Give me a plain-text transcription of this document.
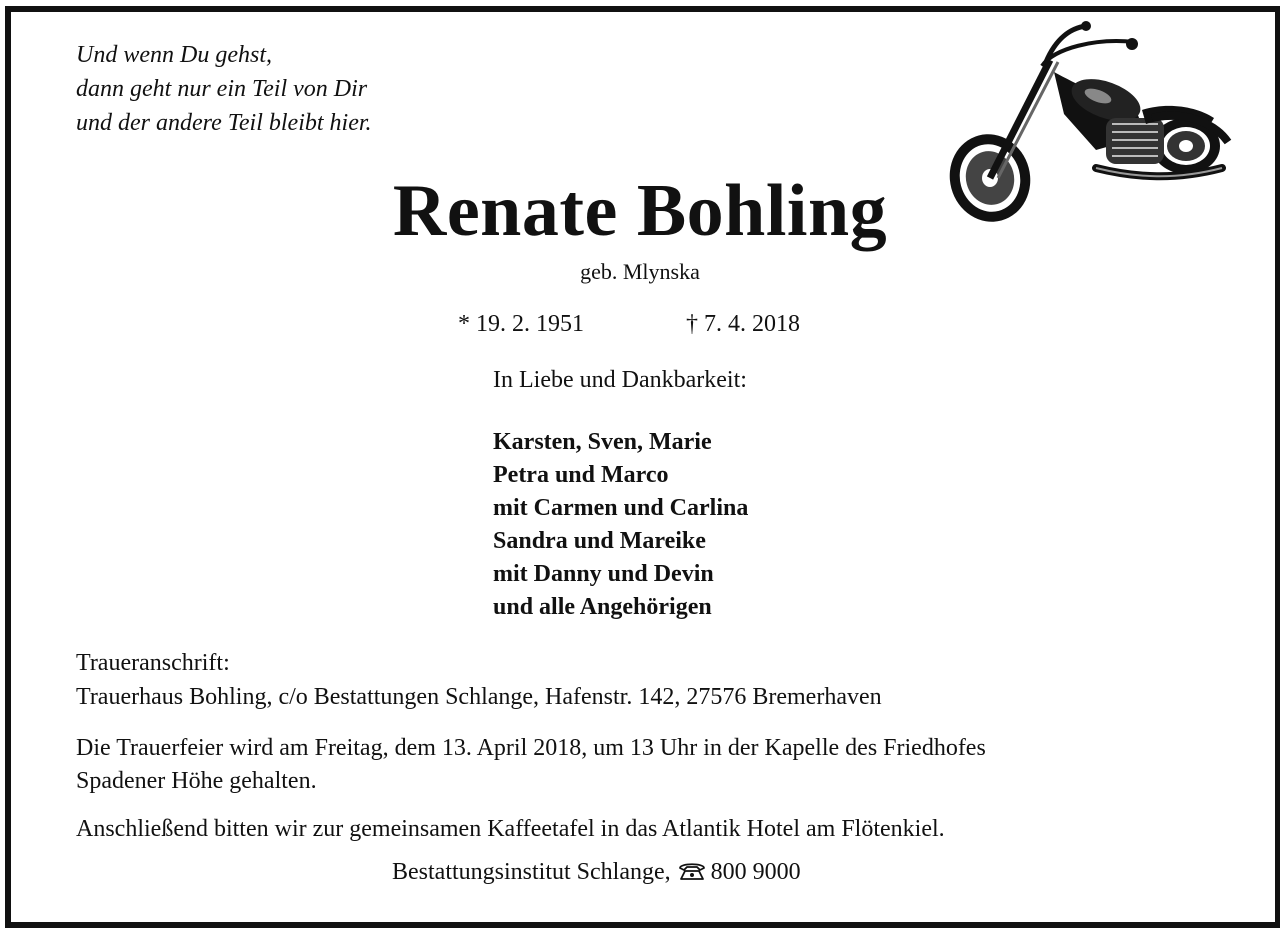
Und wenn Du gehst,
dann geht nur ein Teil von Dir
und der andere Teil bleibt hier.
Renate Bohling
geb. Mlynska
* 19. 2. 1951	† 7. 4. 2018
In Liebe und Dankbarkeit:
Karsten, Sven, Marie
Petra und Marco
mit Carmen und Carlina
Sandra und Mareike
mit Danny und Devin
und alle Angehörigen
Traueranschrift:
Trauerhaus Bohling, c/o Bestattungen Schlange, Hafenstr. 142, 27576 Bremerhaven
Die Trauerfeier wird am Freitag, dem 13. April 2018, um 13 Uhr in der Kapelle des Friedhofes
Spadener Höhe gehalten.
Anschließend bitten wir zur gemeinsamen Kaffeetafel in das Atlantik Hotel am Flötenkiel.
Bestattungsinstitut Schlange, 800 9000
